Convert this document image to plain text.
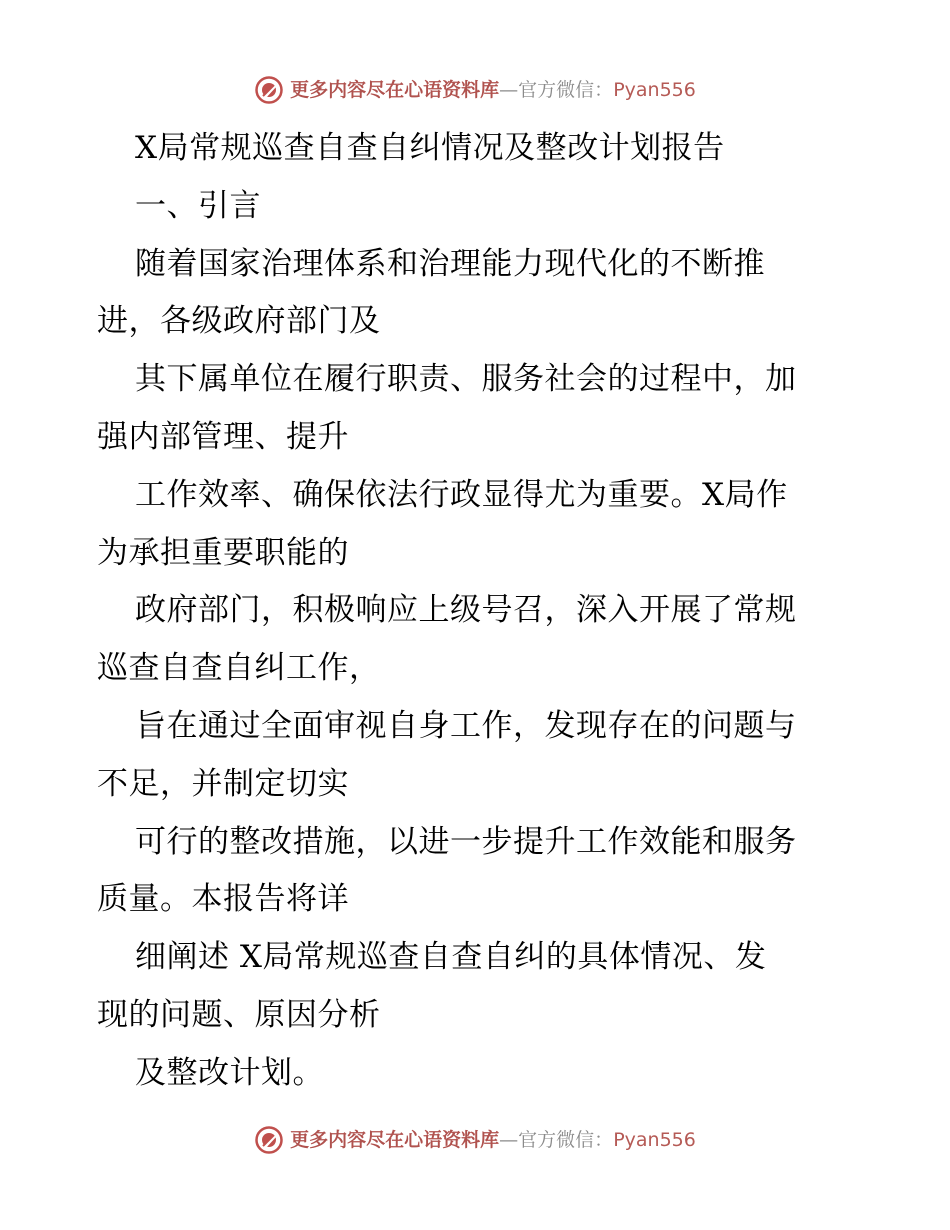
更多内容尽在心语资料库—官方微信：Pyan556
X局常规巡查自查自纠情况及整改计划报告
一、引言
随着国家治理体系和治理能力现代化的不断推
进，各级政府部门及
其下属单位在履行职责、服务社会的过程中，加
强内部管理、提升
工作效率、确保依法行政显得尤为重要。X局作
为承担重要职能的
政府部门，积极响应上级号召，深入开展了常规
巡查自查自纠工作，
旨在通过全面审视自身工作，发现存在的问题与
不足，并制定切实
可行的整改措施，以进一步提升工作效能和服务
质量。本报告将详
细阐述 X局常规巡查自查自纠的具体情况、发
现的问题、原因分析
及整改计划。
更多内容尽在心语资料库—官方微信：Pyan556
